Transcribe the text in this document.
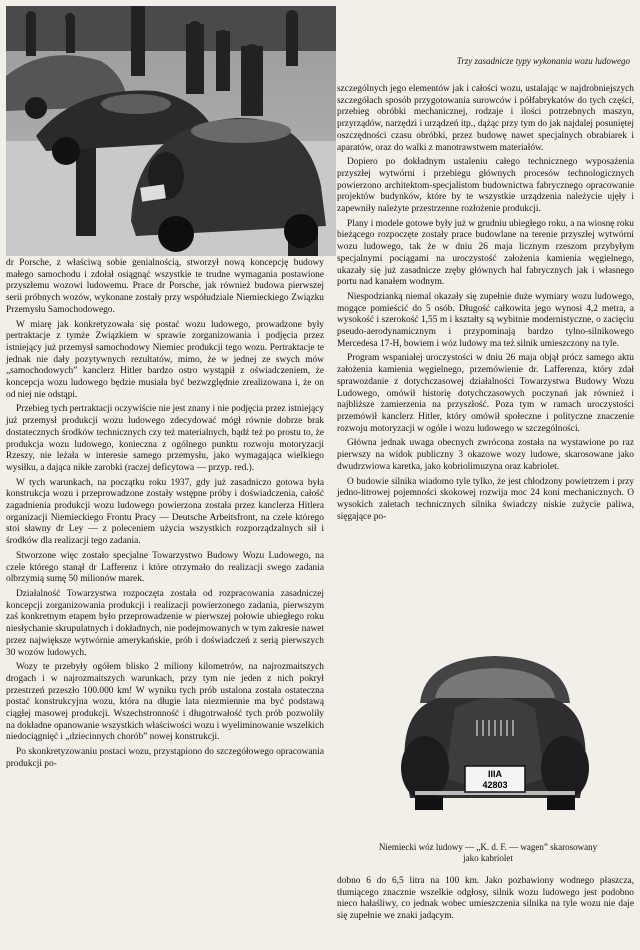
Trzy zasadnicze typy wykonania wozu ludowego

dr Porsche, z właściwą sobie genialnością, stworzył nową koncepcję budowy małego samochodu i zdołał osiągnąć wszystkie te trudne wymagania postawione przyszłemu wozowi ludowemu. Prace dr Porsche, jak również budowa pierwszej serii próbnych wozów, wykonane zostały przy współudziale Niemieckiego Związku Przemysłu Samochodowego.

W miarę jak konkretyzowała się postać wozu ludowego, prowadzone były pertraktacje z tymże Związkiem w sprawie zorganizowania i podjęcia przez istniejący już przemysł samochodowy Niemiec produkcji tego wozu. Pertraktacje te jednak nie dały pozytywnych rezultatów, mimo, że w jednej ze swych mów „samochodowych” kanclerz Hitler bardzo ostro wystąpił z oświadczeniem, że koncepcja wozu ludowego będzie musiała być bezwzględnie zrealizowana i, że on od niej nie odstąpi.

Przebieg tych pertraktacji oczywiście nie jest znany i nie podjęcia przez istniejący już przemysł produkcji wozu ludowego zdecydować mógł równie dobrze brak dostatecznych środków technicznych czy też materialnych, bądź też po prostu to, że produkcja wozu ludowego, konieczna z ogólnego punktu rozwoju motoryzacji Rzeszy, nie leżała w interesie samego przemysłu, jako wymagająca wielkiego wysiłku, a dająca nikłe zarobki (raczej deficytowa — przyp. red.).

W tych warunkach, na początku roku 1937, gdy już zasadniczo gotowa była konstrukcja wozu i przeprowadzone zostały wstępne próby i doświadczenia, całość zagadnienia produkcji wozu ludowego powierzona została przez kanclerza Hitlera organizacji Niemieckiego Frontu Pracy — Deutsche Arbeitsfront, na czele którego stoi sławny dr Ley — z poleceniem użycia wszystkich rozporządzalnych sił i środków dla realizacji tego zadania.

Stworzone więc zostało specjalne Towarzystwo Budowy Wozu Ludowego, na czele którego stanął dr Lafferenz i które otrzymało do realizacji swego zadania olbrzymią sumę 50 milionów marek.

Działalność Towarzystwa rozpoczęta została od rozpracowania zasadniczej koncepcji zorganizowania produkcji i realizacji powierzonego zadania, pierwszym zaś konkretnym etapem było przeprowadzenie w pierwszej połowie ubiegłego roku niesłychanie skrupulatnych i dokładnych, nie podejmowanych w tym zakresie nawet przez największe wytwórnie amerykańskie, prób i doświadczeń z serią pierwszych 30 wozów ludowych.

Wozy te przebyły ogółem blisko 2 miliony kilometrów, na najrozmaitszych drogach i w najrozmaitszych warunkach, przy tym nie jeden z nich pokrył przestrzeń przeszło 100.000 km! W wyniku tych prób ustalona została ostateczna postać konstrukcyjna wozu, która na długie lata niezmiennie ma być podstawą ciągłej masowej produkcji. Wszechstronność i długotrwałość tych prób pozwoliły na dokładne opanowanie wszystkich właściwości wozu i wyeliminowanie wszelkich niedociągnięć i „dziecinnych chorób” nowej konstrukcji.

Po skonkretyzowaniu postaci wozu, przystąpiono do szczegółowego opracowania produkcji po-

szczególnych jego elementów jak i całości wozu, ustalając w najdrobniejszych szczegółach sposób przygotowania surowców i półfabrykatów do tych części, przebieg obróbki mechanicznej, rodzaje i ilości potrzebnych maszyn, przyrządów, narzędzi i urządzeń itp., dążąc przy tym do jak najdalej posuniętej oszczędności czasu obróbki, przez budowę nawet specjalnych obrabiarek i aparatów, oraz do walki z manotrawstwem materiałów.

Dopiero po dokładnym ustaleniu całego technicznego wyposażenia przyszłej wytwórni i przebiegu głównych procesów technologicznych powierzono architektom-specjalistom budownictwa fabrycznego opracowanie projektów budynków, które by te wszystkie urządzenia należycie ujęły i zapewniły należyte przestrzenne rozłożenie produkcji.

Plany i modele gotowe były już w grudniu ubiegłego roku, a na wiosnę roku bieżącego rozpoczęte zostały prace budowlane na terenie przyszłej wytwórni wozu ludowego, tak że w dniu 26 maja licznym rzeszom przybyłym specjalnymi pociągami na uroczystość założenia kamienia węgielnego, ukazały się już zasadnicze zręby głównych hal fabrycznych jak i własnego portu nad kanałem wodnym.

Niespodzianką niemal okazały się zupełnie duże wymiary wozu ludowego, mogące pomieścić do 5 osób. Długość całkowita jego wynosi 4,2 metra, a wysokość i szerokość 1,55 m i kształty są wybitnie modernistyczne, o zacięciu pseudo-aerodynamicznym i przypominają bardzo tylno-silnikowego Mercedesa 17-H, bowiem i wóz ludowy ma też silnik umieszczony na tyle.

Program wspaniałej uroczystości w dniu 26 maja objął prócz samego aktu założenia kamienia węgielnego, przemówienie dr. Lafferenza, który zdał sprawozdanie z dotychczasowej działalności Towarzystwa Budowy Wozu Ludowego, omówił historię dotychczasowych poczynań jak również i najbliższe zamierzenia na przyszłość. Poza tym w ramach uroczystości przemówił kanclerz Hitler, który omówił społeczne i polityczne znaczenie rozwoju motoryzacji w ogóle i wozu ludowego w szczególności.

Główna jednak uwaga obecnych zwrócona została na wystawione po raz pierwszy na widok publiczny 3 okazowe wozy ludowe, skarosowane jako dwudrzwiowa karetka, jako kobriolimuzyna oraz kabriolet.

O budowie silnika wiadomo tyle tylko, że jest chłodzony powietrzem i przy jedno-litrowej pojemności skokowej rozwija moc 24 koni mechanicznych. O wysokich zaletach technicznych silnika świadczy niskie zużycie paliwa, sięgające po-

IIIA
42803
Niemiecki wóz ludowy — „K. d. F. — wagen” skarosowany
jako kabriolet

dobno 6 do 6,5 litra na 100 km. Jako pozbawiony wodnego płaszcza, tłumiącego znacznie wszelkie odgłosy, silnik wozu ludowego jest podobno nieco hałaśliwy, co jednak wobec umieszczenia silnika na tyle wozu nie daje się zupełnie we znaki jadącym.
